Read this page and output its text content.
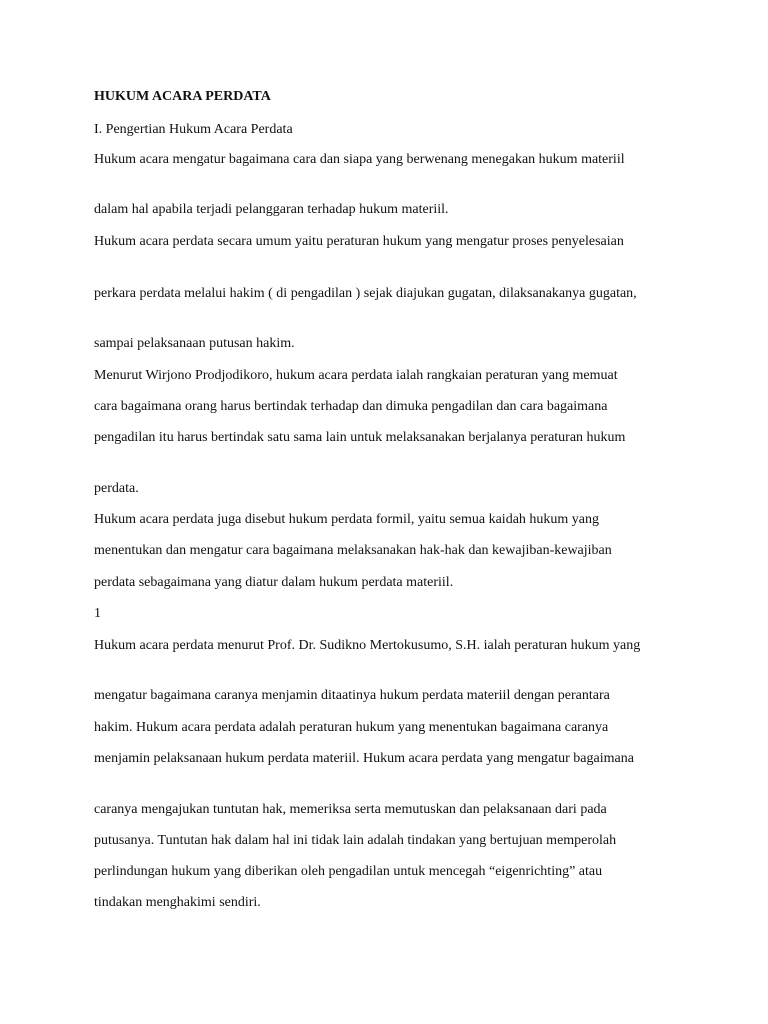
HUKUM ACARA PERDATA

I. Pengertian Hukum Acara Perdata

Hukum acara mengatur bagaimana cara dan siapa yang berwenang menegakan hukum materiil

dalam hal apabila terjadi pelanggaran terhadap hukum materiil.

Hukum acara perdata secara umum yaitu peraturan hukum yang mengatur proses penyelesaian

perkara perdata melalui hakim ( di pengadilan ) sejak diajukan gugatan, dilaksanakanya gugatan,

sampai pelaksanaan putusan hakim.

Menurut Wirjono Prodjodikoro, hukum acara perdata ialah rangkaian peraturan yang memuat

cara bagaimana orang harus bertindak terhadap dan dimuka pengadilan dan cara bagaimana

pengadilan itu harus bertindak satu sama lain untuk melaksanakan berjalanya peraturan hukum

perdata.

Hukum acara perdata juga disebut hukum perdata formil, yaitu semua kaidah hukum yang

menentukan dan mengatur cara bagaimana melaksanakan hak-hak dan kewajiban-kewajiban

perdata sebagaimana yang diatur dalam hukum perdata materiil.

1

Hukum acara perdata menurut Prof. Dr. Sudikno Mertokusumo, S.H. ialah peraturan hukum yang

mengatur bagaimana caranya menjamin ditaatinya hukum perdata materiil dengan perantara

hakim. Hukum acara perdata adalah peraturan hukum yang menentukan bagaimana caranya

menjamin pelaksanaan hukum perdata materiil. Hukum acara perdata yang mengatur bagaimana

caranya mengajukan tuntutan hak, memeriksa serta memutuskan dan pelaksanaan dari pada

putusanya. Tuntutan hak dalam hal ini tidak lain adalah tindakan yang bertujuan memperolah

perlindungan hukum yang diberikan oleh pengadilan untuk mencegah “eigenrichting” atau

tindakan menghakimi sendiri.
